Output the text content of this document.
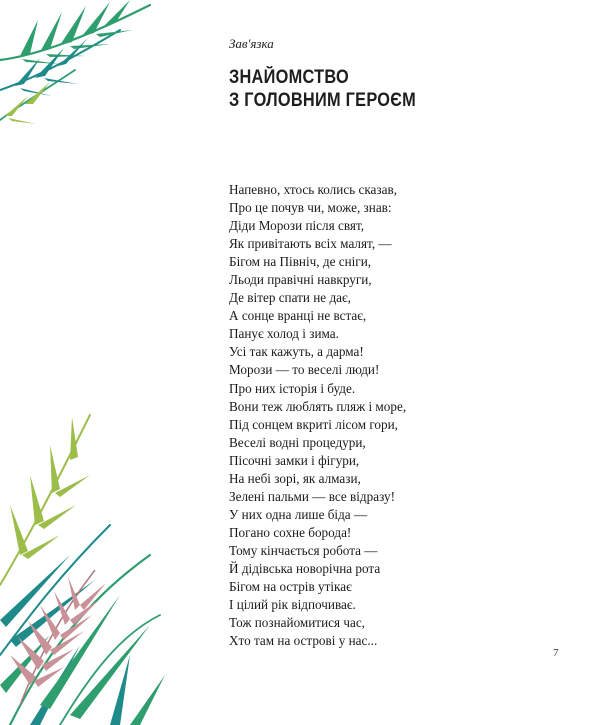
Зав'язка

ЗНАЙОМСТВО
З ГОЛОВНИМ ГЕРОЄМ
Напевно, хтось колись сказав,
Про це почув чи, може, знав:
Діди Морози після свят,
Як привітають всіх малят, —
Бігом на Північ, де сніги,
Льоди правічні навкруги,
Де вітер спати не дає,
А сонце вранці не встає,
Панує холод і зима.
Усі так кажуть, а дарма!
Морози — то веселі люди!
Про них історія і буде.
Вони теж люблять пляж і море,
Під сонцем вкриті лісом гори,
Веселі водні процедури,
Пісочні замки і фігури,
На небі зорі, як алмази,
Зелені пальми — все відразу!
У них одна лише біда —
Погано сохне борода!
Тому кінчається робота —
Й дідівська новорічна рота
Бігом на острів утікає
І цілий рік відпочиває.
Тож познайомитися час,
Хто там на острові у нас...
7
